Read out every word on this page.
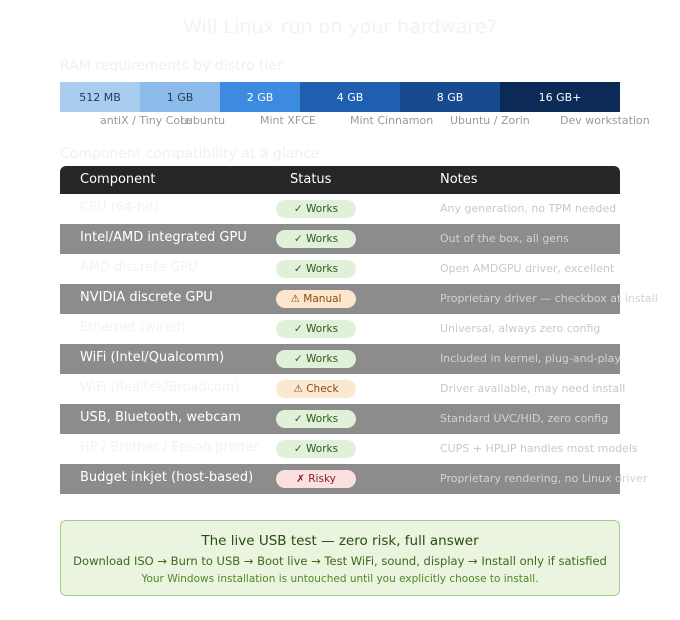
Will Linux run on your hardware?
RAM requirements by distro tier
512 MB	1 GB	2 GB	4 GB	8 GB	16 GB+
antiX / Tiny Core
Lubuntu	Mint XFCE	Mint Cinnamon Ubuntu / Zorin	Dev workstation
Component compatibility at a glance
Component	Status	Notes
CPU (64-bit)	✓ Works	Any generation, no TPM needed
Intel/AMD integrated GPU	✓ Works	Out of the box, all gens
AMD discrete GPU	✓ Works	Open AMDGPU driver, excellent
NVIDIA discrete GPU	⚠ Manual	Proprietary driver — checkbox at install
Ethernet (wired)	✓ Works	Universal, always zero config
WiFi (Intel/Qualcomm)	✓ Works	Included in kernel, plug-and-play
WiFi (Realtek/Broadcom)	⚠ Check	Driver available, may need install
USB, Bluetooth, webcam	✓ Works	Standard UVC/HID, zero config
HP / Brother / Epson printer	✓ Works	CUPS + HPLIP handles most models
Budget inkjet (host-based)	✗ Risky	Proprietary rendering, no Linux driver
The live USB test — zero risk, full answer
Download ISO → Burn to USB → Boot live → Test WiFi, sound, display → Install only if satisfied
Your Windows installation is untouched until you explicitly choose to install.
